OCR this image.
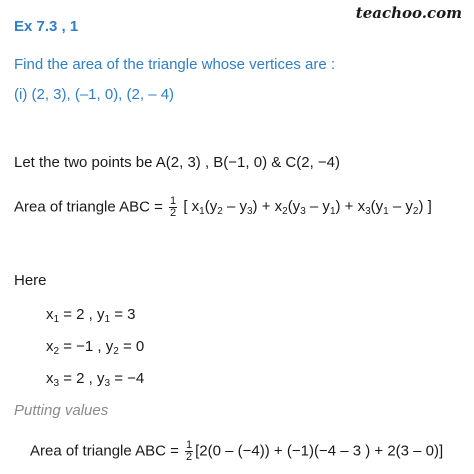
teachoo.com
Ex 7.3 , 1
Find the area of the triangle whose vertices are :
(i) (2, 3), (–1, 0), (2, – 4)
Let the two points be A(2, 3) , B(−1, 0) & C(2, −4)
Area of triangle ABC = $\frac{1}{2}$ [ $x_1(y_2 - y_3) + x_2(y_3 - y_1) + x_3(y_1 - y_2)$ ]
Here
$x_1 = 2$ , $y_1 = 3$
$x_2 = -1$ , $y_2 = 0$
$x_3 = 2$ , $y_3 = -4$
Putting values
Area of triangle ABC = $\frac{1}{2} [2(0 - (-4)) + (-1)(-4 - 3$ ) + 2(3 – 0)]
